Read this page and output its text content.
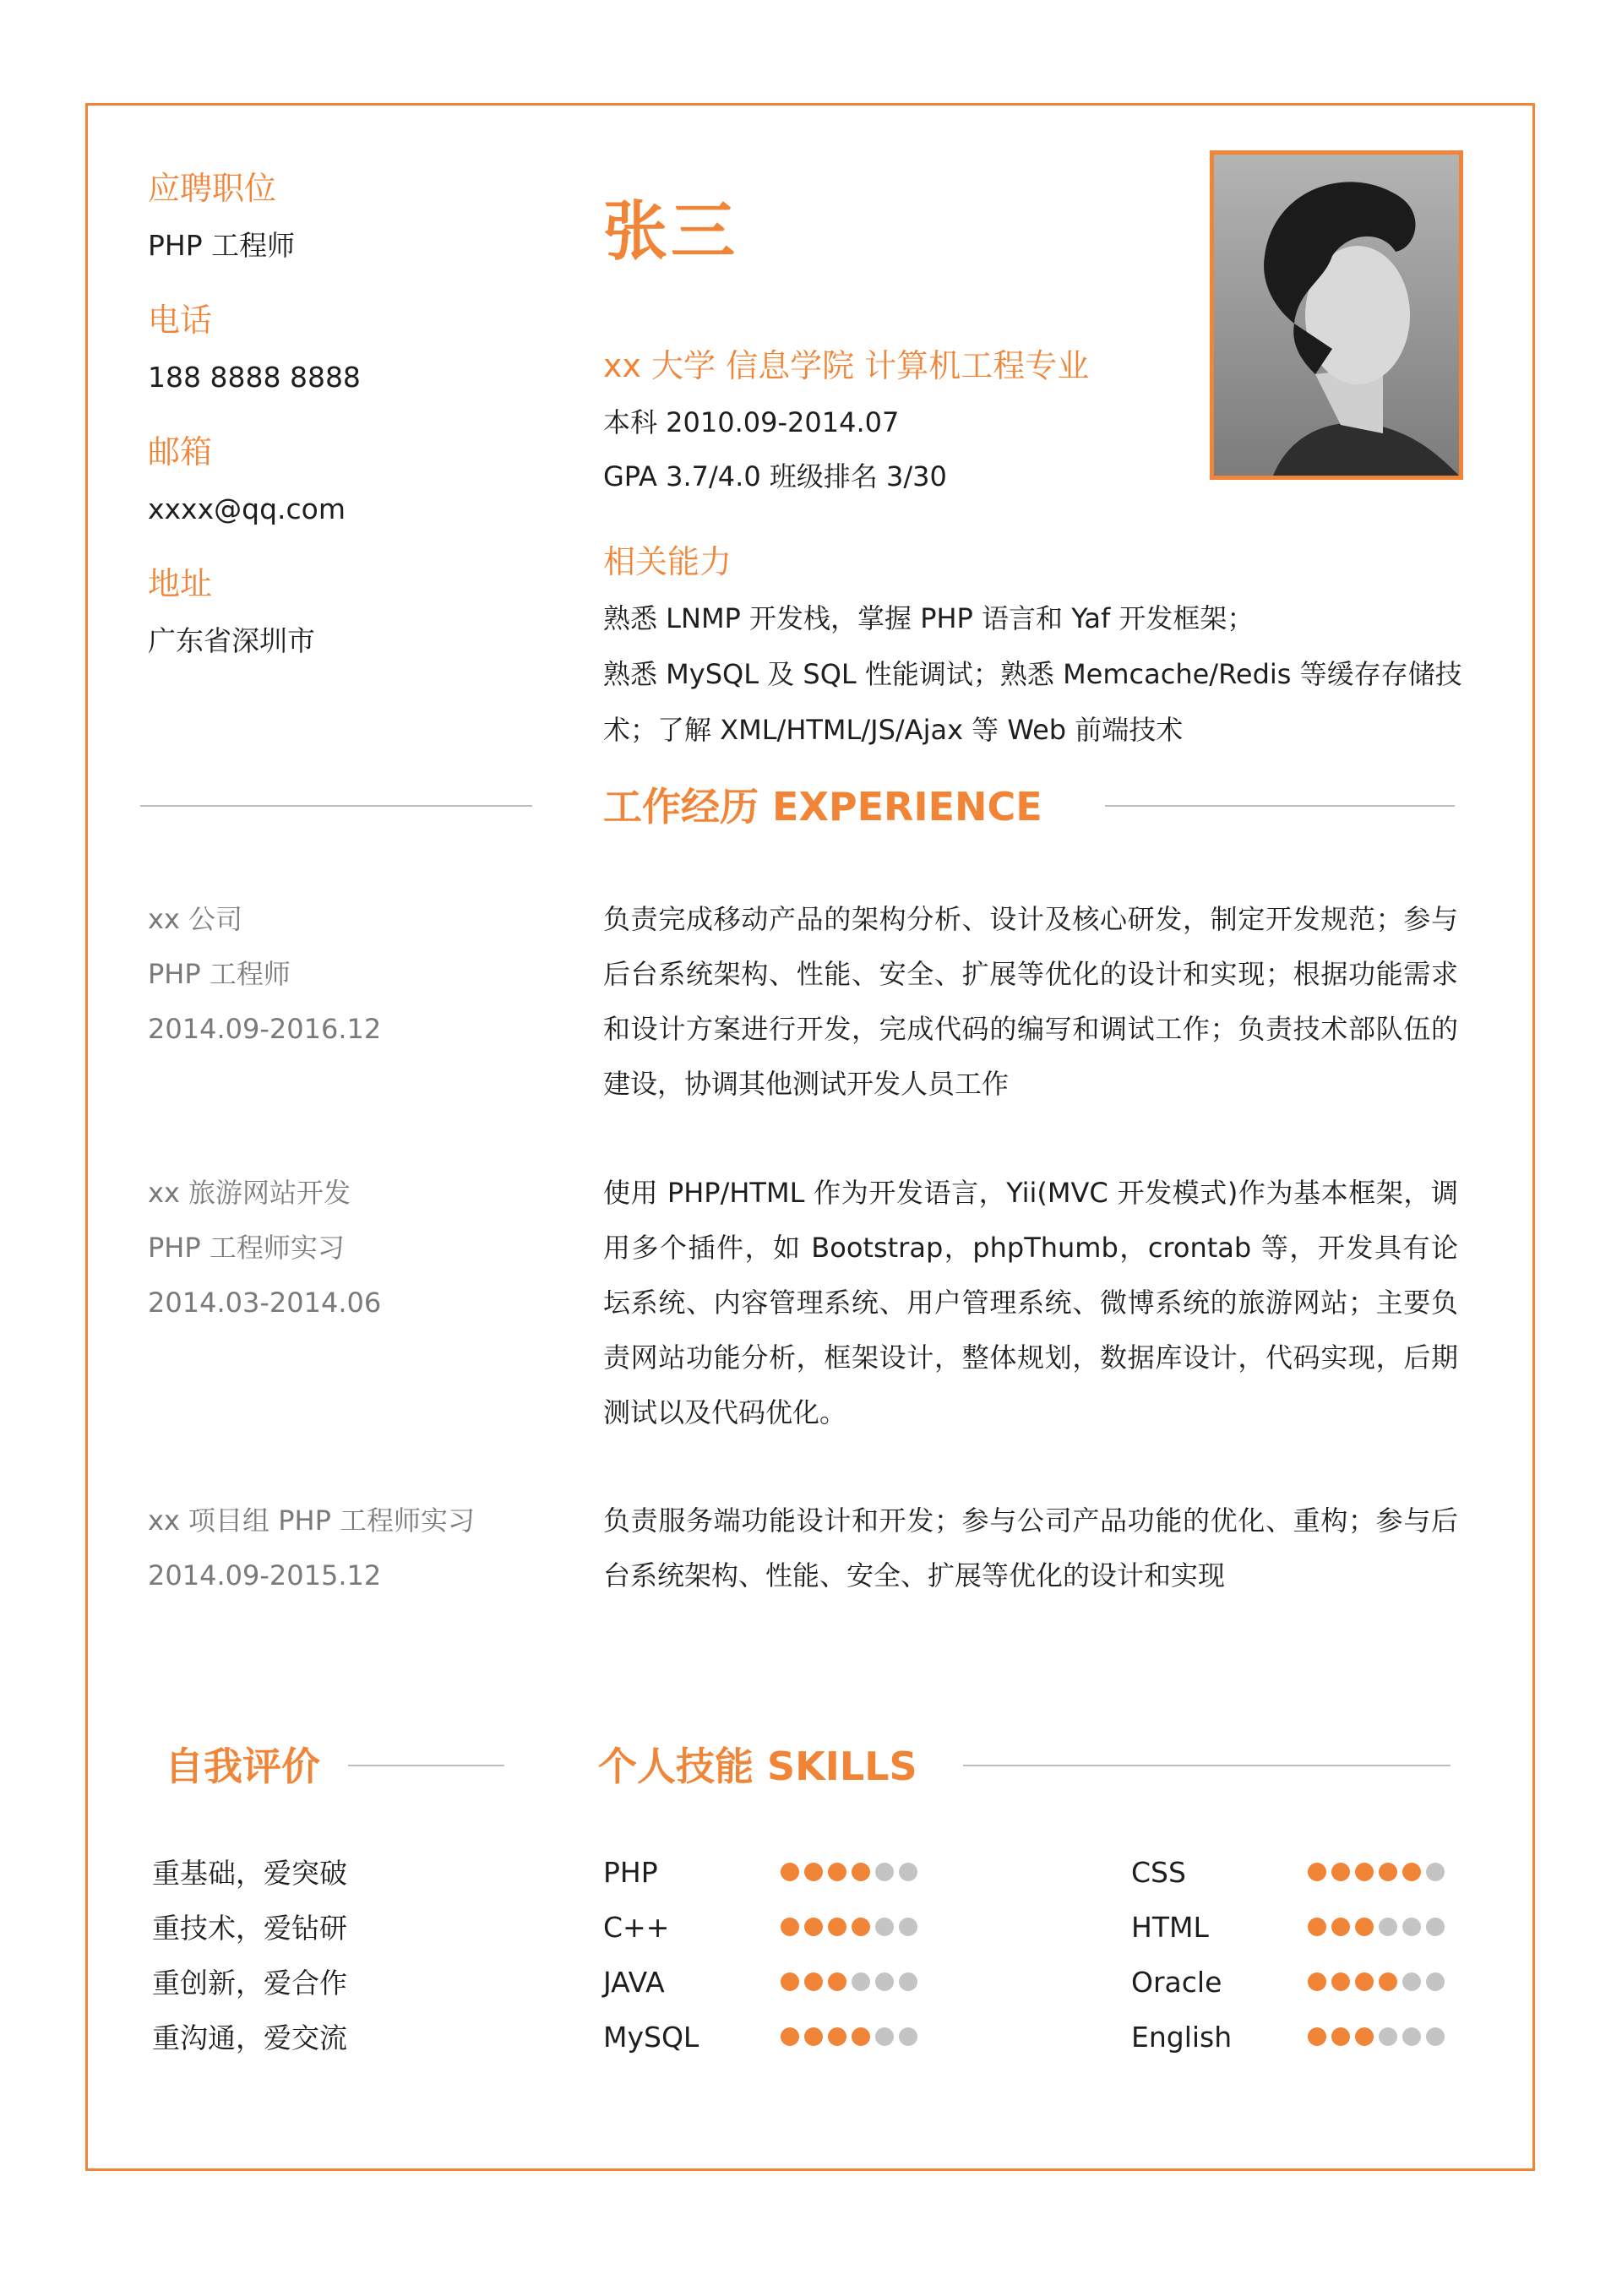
应聘职位
PHP 工程师
电话
188 8888 8888
邮箱
xxxx@qq.com
地址
广东省深圳市
张三
xx 大学 信息学院 计算机工程专业
本科 2010.09-2014.07
GPA 3.7/4.0 班级排名 3/30
相关能力
熟悉 LNMP 开发栈，掌握 PHP 语言和 Yaf 开发框架；
熟悉 MySQL 及 SQL 性能调试；熟悉 Memcache/Redis 等缓存存储技
术；了解 XML/HTML/JS/Ajax 等 Web 前端技术
工作经历 EXPERIENCE
xx 公司
PHP 工程师
2014.09-2016.12
负责完成移动产品的架构分析、设计及核心研发，制定开发规范；参与后台系统架构、性能、安全、扩展等优化的设计和实现；根据功能需求和设计方案进行开发，完成代码的编写和调试工作；负责技术部队伍的建设，协调其他测试开发人员工作
xx 旅游网站开发
PHP 工程师实习
2014.03-2014.06
使用 PHP/HTML 作为开发语言，Yii(MVC 开发模式)作为基本框架，调用多个插件，如 Bootstrap，phpThumb，crontab 等，开发具有论坛系统、内容管理系统、用户管理系统、微博系统的旅游网站；主要负责网站功能分析，框架设计，整体规划，数据库设计，代码实现，后期测试以及代码优化。
xx 项目组 PHP 工程师实习
2014.09-2015.12
负责服务端功能设计和开发；参与公司产品功能的优化、重构；参与后台系统架构、性能、安全、扩展等优化的设计和实现
自我评价
重基础，爱突破
重技术，爱钻研
重创新，爱合作
重沟通，爱交流
个人技能 SKILLS
PHP
C++
JAVA
MySQL
CSS
HTML
Oracle
English
